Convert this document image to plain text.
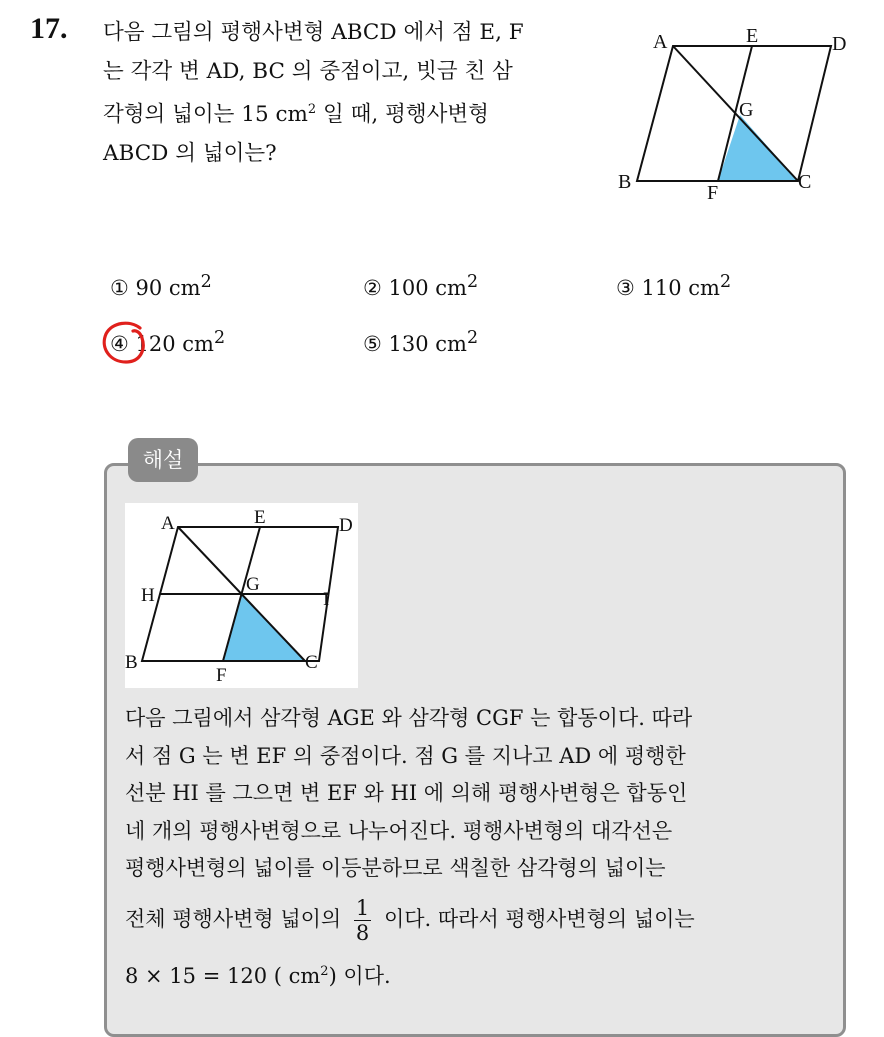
17. 다음 그림의 평행사변형 ABCD 에서 점 E, F
는 각각 변 AD, BC 의 중점이고, 빗금 친 삼
각형의 넓이는 15 $cm^2$ 일 때, 평행사변형
ABCD 의 넓이는?
A	E	D
G
B	F	C
① 90 $cm^2$	② 100 $cm^2$	③ 110 $cm^2$
④ 120 $cm^2$	⑤ 130 $cm^2$
해설
A	E	D
H
G
I
B
F
C
다음 그림에서 삼각형 AGE 와 삼각형 CGF 는 합동이다. 따라
서 점 G 는 변 EF 의 중점이다. 점 G 를 지나고 AD 에 평행한
선분 HI 를 그으면 변 EF 와 HI 에 의해 평행사변형은 합동인
네 개의 평행사변형으로 나누어진다. 평행사변형의 대각선은
평행사변형의 넓이를 이등분하므로 색칠한 삼각형의 넓이는
전체 평행사변형 넓이의 $\frac{1}{8}$ 이다. 따라서 평행사변형의 넓이는
8 × 15 = 120 ( $cm^2$) 이다.
